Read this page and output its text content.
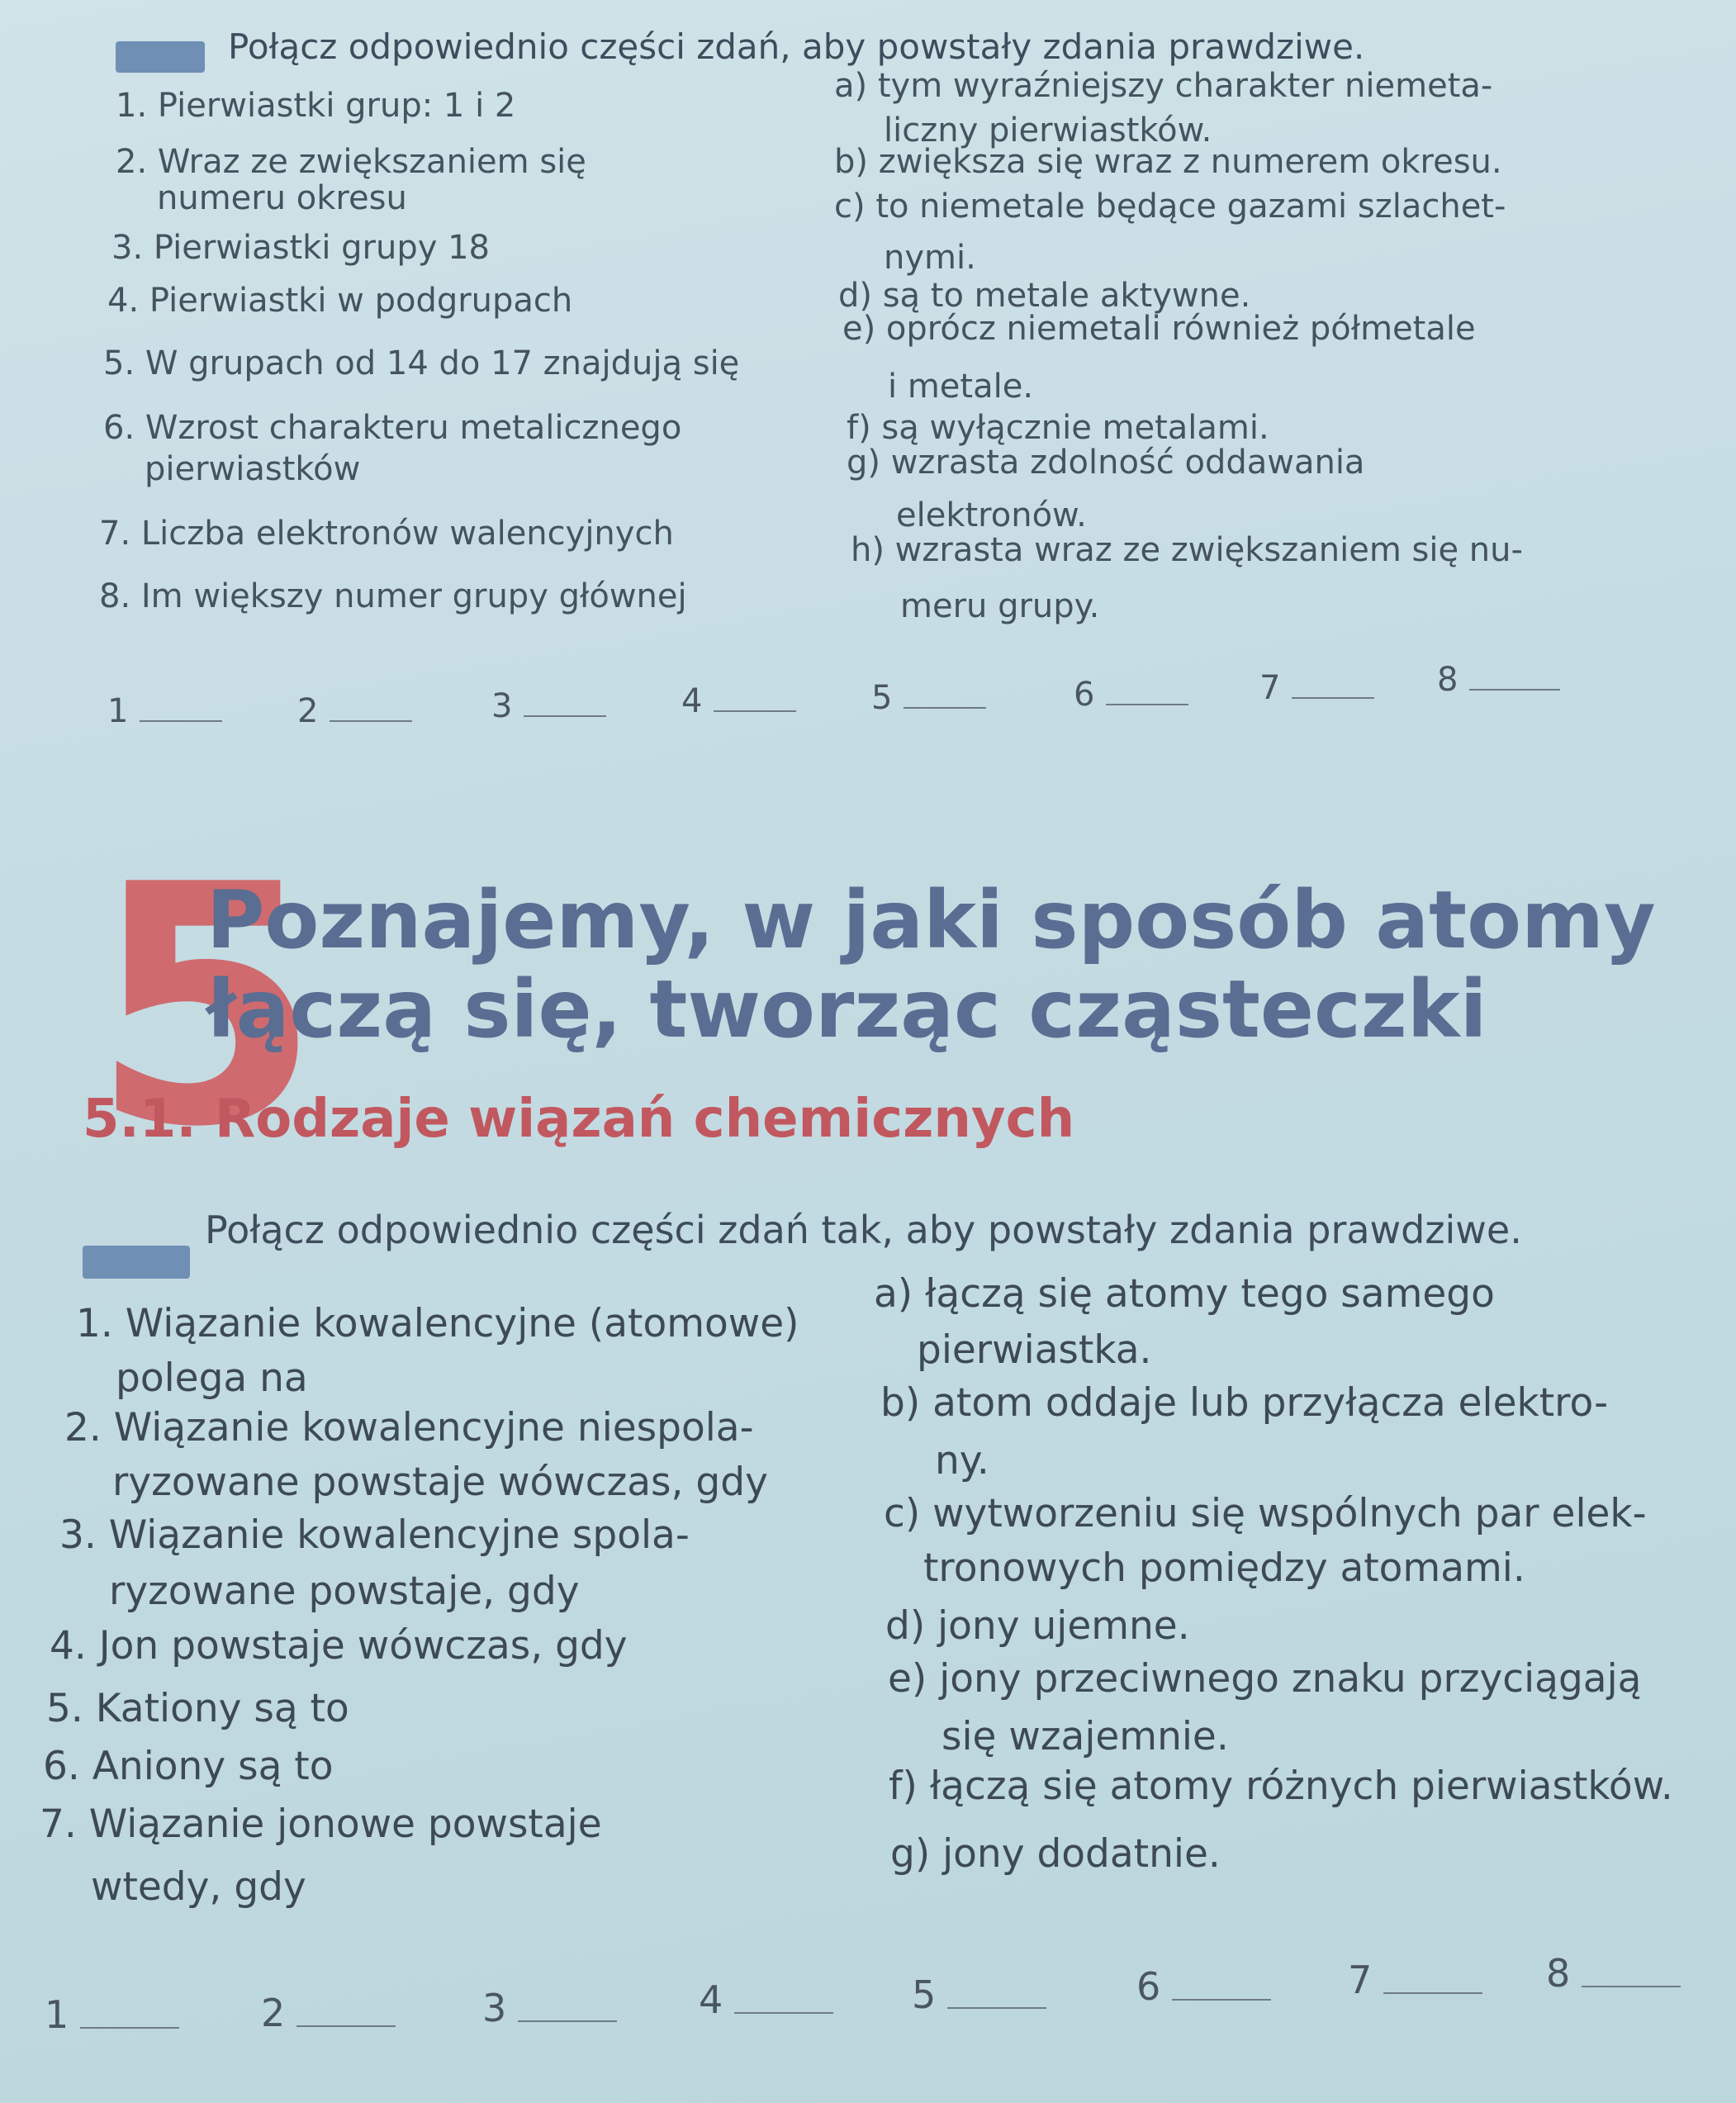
Połącz odpowiednio części zdań, aby powstały zdania prawdziwe.
1. Pierwiastki grup: 1 i 2
2. Wraz ze zwiększaniem się
numeru okresu
3. Pierwiastki grupy 18
4. Pierwiastki w podgrupach
5. W grupach od 14 do 17 znajdują się
6. Wzrost charakteru metalicznego
pierwiastków
7. Liczba elektronów walencyjnych
8. Im większy numer grupy głównej
a) tym wyraźniejszy charakter niemeta-
liczny pierwiastków.
b) zwiększa się wraz z numerem okresu.
c) to niemetale będące gazami szlachet-
nymi.
d) są to metale aktywne.
e) oprócz niemetali również półmetale
i metale.
f) są wyłącznie metalami.
g) wzrasta zdolność oddawania
elektronów.
h) wzrasta wraz ze zwiększaniem się nu-
meru grupy.
1	2	3	4	5	6	7	8
5
Poznajemy, w jaki sposób atomy
łączą się, tworząc cząsteczki
5.1. Rodzaje wiązań chemicznych
Połącz odpowiednio części zdań tak, aby powstały zdania prawdziwe.
1. Wiązanie kowalencyjne (atomowe)
polega na
2. Wiązanie kowalencyjne niespola-
ryzowane powstaje wówczas, gdy
3. Wiązanie kowalencyjne spola-
ryzowane powstaje, gdy
4. Jon powstaje wówczas, gdy
5. Kationy są to
6. Aniony są to
7. Wiązanie jonowe powstaje
wtedy, gdy
a) łączą się atomy tego samego
pierwiastka.
b) atom oddaje lub przyłącza elektro-
ny.
c) wytworzeniu się wspólnych par elek-
tronowych pomiędzy atomami.
d) jony ujemne.
e) jony przeciwnego znaku przyciągają
się wzajemnie.
f) łączą się atomy różnych pierwiastków.
g) jony dodatnie.
1	2	3	4	5	6	7	8
